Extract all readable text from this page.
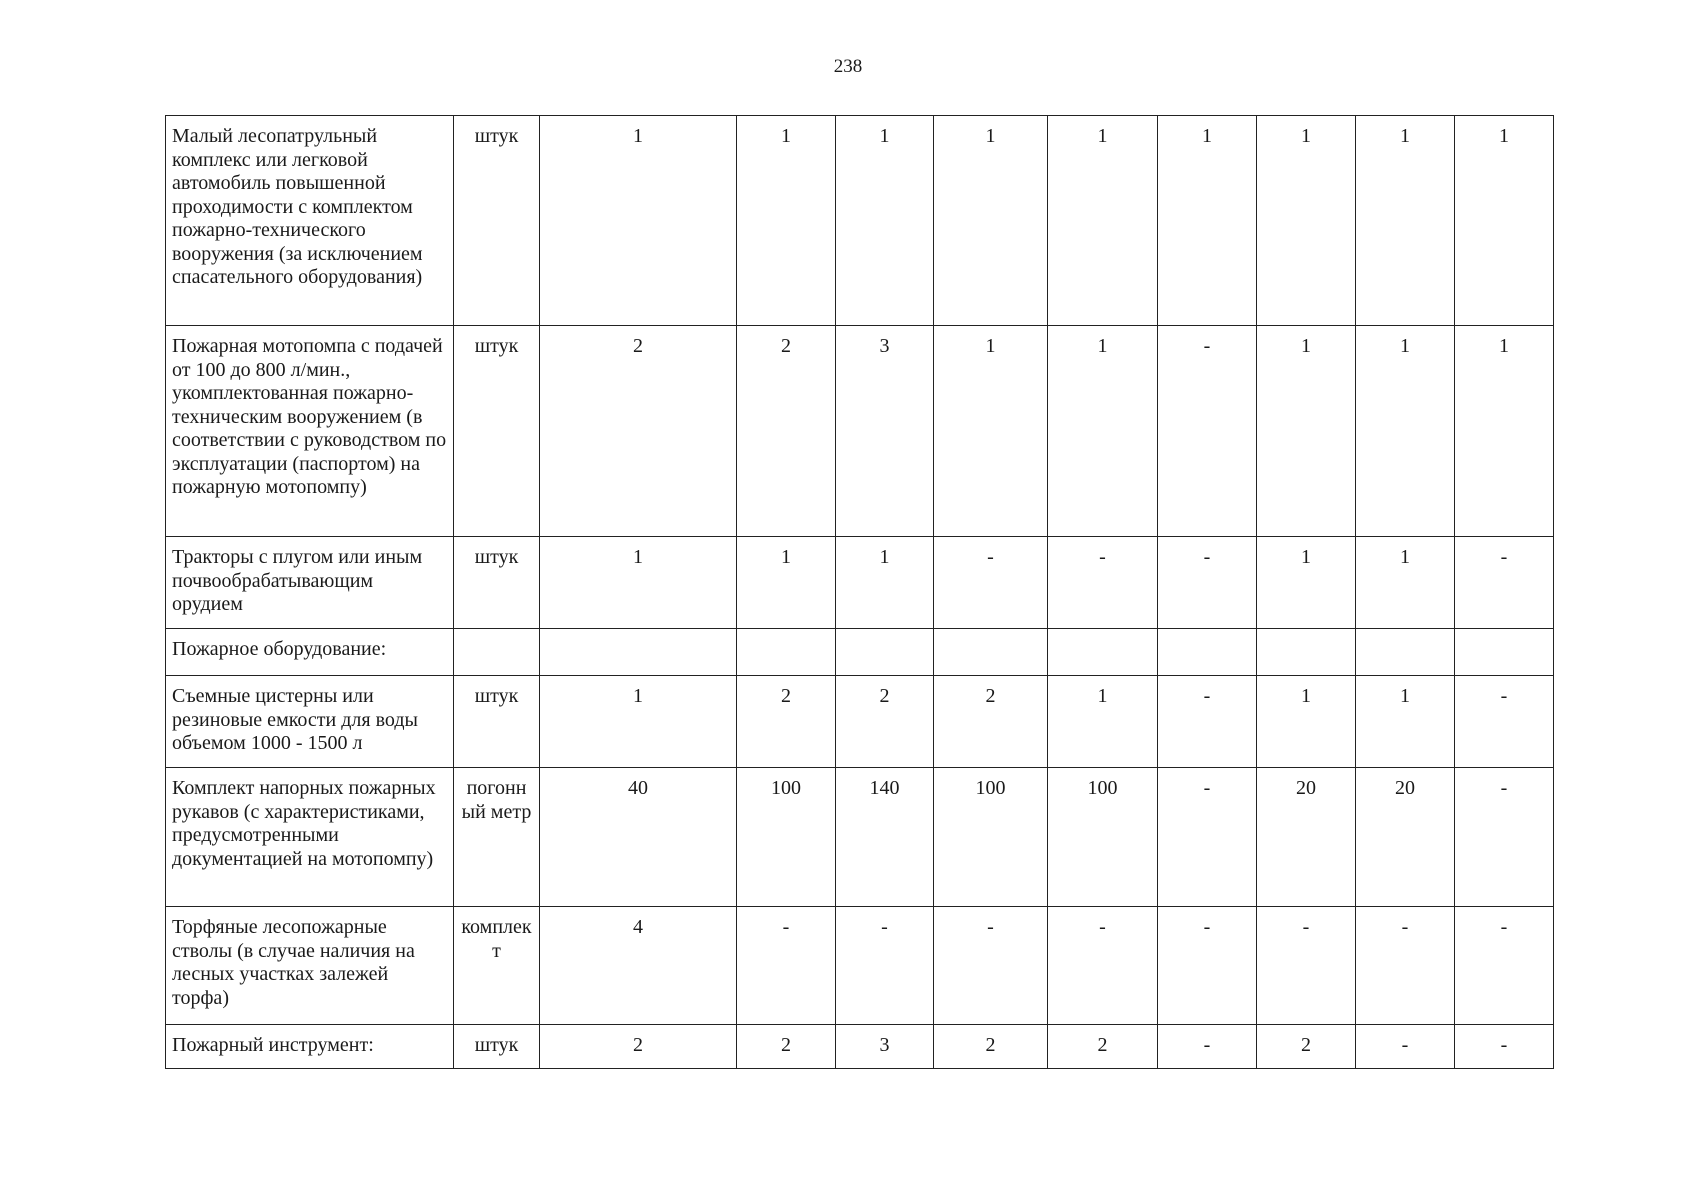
238
Малый лесопатрульный комплекс или легковой автомобиль повышенной проходимости с комплектом пожарно-технического вооружения (за исключением спасательного оборудования)	штук	1	1	1	1	1	1	1	1	1
Пожарная мотопомпа с подачей от 100 до 800 л/мин., укомплектованная пожарно-техническим вооружением (в соответствии с руководством по эксплуатации (паспортом) на пожарную мотопомпу)	штук	2	2	3	1	1	-	1	1	1
Тракторы с плугом или иным почвообрабатывающим орудием	штук	1	1	1	-	-	-	1	1	-
Пожарное оборудование:										
Съемные цистерны или резиновые емкости для воды объемом 1000 - 1500 л	штук	1	2	2	2	1	-	1	1	-
Комплект напорных пожарных рукавов (с характеристиками, предусмотренными документацией на мотопомпу)	погонный метр	40	100	140	100	100	-	20	20	-
Торфяные лесопожарные стволы (в случае наличия на лесных участках залежей торфа)	комплект	4	-	-	-	-	-	-	-	-
Пожарный инструмент:	штук	2	2	3	2	2	-	2	-	-
